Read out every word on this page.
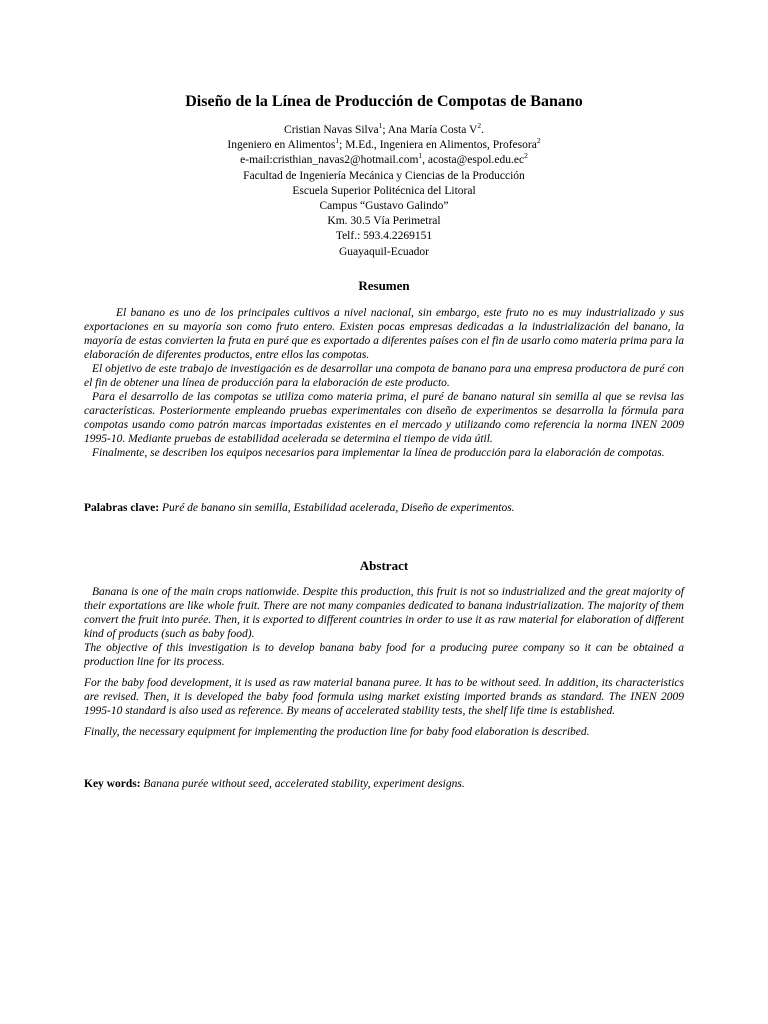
Diseño de la Línea de Producción de Compotas de Banano
Cristian Navas Silva$^1$; Ana María Costa $V^2$.
Ingeniero en Alimentos$^1$; M.Ed., Ingeniera en Alimentos, Profesora$^2$
e-mail:cristhian_navas2@hotmail.com$^1$, $acosta@espol.edu.ec^2$
Facultad de Ingeniería Mecánica y Ciencias de la Producción
Escuela Superior Politécnica del Litoral
Campus “Gustavo Galindo”
Km. 30.5 Vía Perimetral
Telf.: 593.4.2269151
Guayaquil-Ecuador
Resumen

El banano es uno de los principales cultivos a nivel nacional, sin embargo, este fruto no es muy industrializado y sus exportaciones en su mayoría son como fruto entero. Existen pocas empresas dedicadas a la industrialización del banano, la mayoría de estas convierten la fruta en puré que es exportado a diferentes países con el fin de usarlo como materia prima para la elaboración de diferentes productos, entre ellos las compotas.

El objetivo de este trabajo de investigación es de desarrollar una compota de banano para una empresa productora de puré con el fin de obtener una línea de producción para la elaboración de este producto.

Para el desarrollo de las compotas se utiliza como materia prima, el puré de banano natural sin semilla al que se revisa las características. Posteriormente empleando pruebas experimentales con diseño de experimentos se desarrolla la fórmula para compotas usando como patrón marcas importadas existentes en el mercado y utilizando como referencia la norma INEN 2009 1995-10. Mediante pruebas de estabilidad acelerada se determina el tiempo de vida útil.

Finalmente, se describen los equipos necesarios para implementar la línea de producción para la elaboración de compotas.

Palabras clave: Puré de banano sin semilla, Estabilidad acelerada, Diseño de experimentos.
Abstract

Banana is one of the main crops nationwide. Despite this production, this fruit is not so industrialized and the great majority of their exportations are like whole fruit. There are not many companies dedicated to banana industrialization. The majority of them convert the fruit into purée. Then, it is exported to different countries in order to use it as raw material for elaboration of different kind of products (such as baby food).

The objective of this investigation is to develop banana baby food for a producing puree company so it can be obtained a production line for its process.

For the baby food development, it is used as raw material banana puree. It has to be without seed. In addition, its characteristics are revised. Then, it is developed the baby food formula using market existing imported brands as standard. The INEN 2009 1995-10 standard is also used as reference. By means of accelerated stability tests, the shelf life time is established.

Finally, the necessary equipment for implementing the production line for baby food elaboration is described.

Key words: Banana purée without seed, accelerated stability, experiment designs.
